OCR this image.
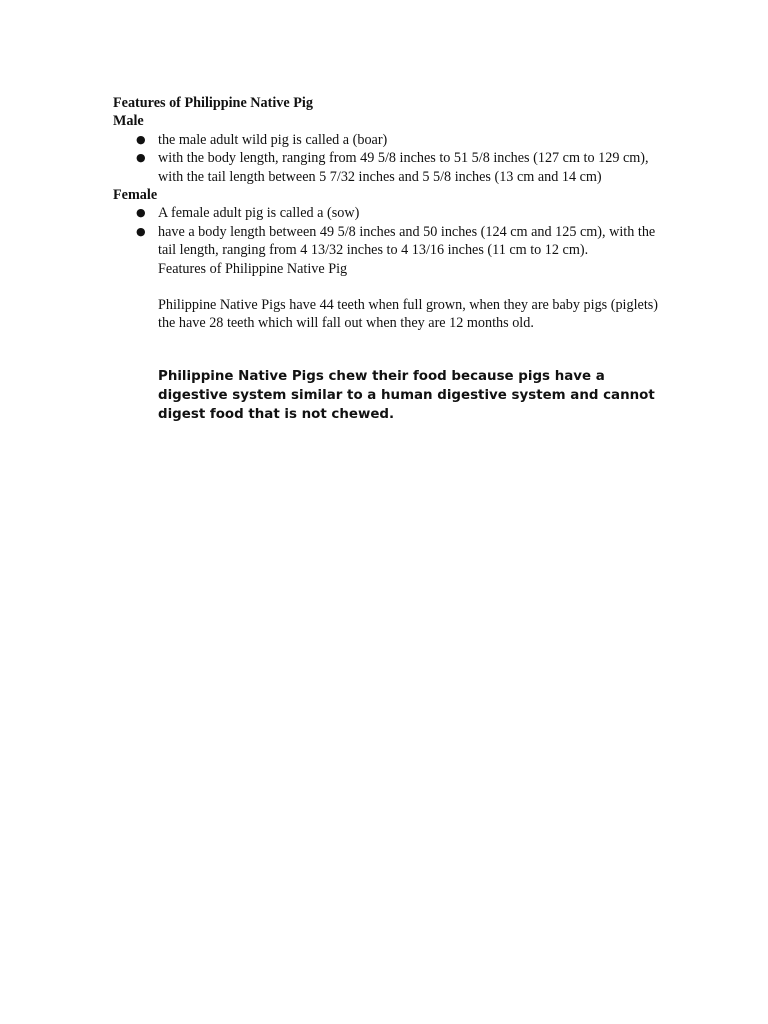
Features of Philippine Native Pig

Male

● the male adult wild pig is called a (boar)
● with the body length, ranging from 49 5/8 inches to 51 5/8 inches (127 cm to 129 cm), with the tail length between 5 7/32 inches and 5 5/8 inches (13 cm and 14 cm)

Female

● A female adult pig is called a (sow)
● have a body length between 49 5/8 inches and 50 inches (124 cm and 125 cm), with the tail length, ranging from 4 13/32 inches to 4 13/16 inches (11 cm to 12 cm).

Features of Philippine Native Pig

Philippine Native Pigs have 44 teeth when full grown, when they are baby pigs (piglets) the have 28 teeth which will fall out when they are 12 months old.

Philippine Native Pigs chew their food because pigs have a digestive system similar to a human digestive system and cannot digest food that is not chewed.
